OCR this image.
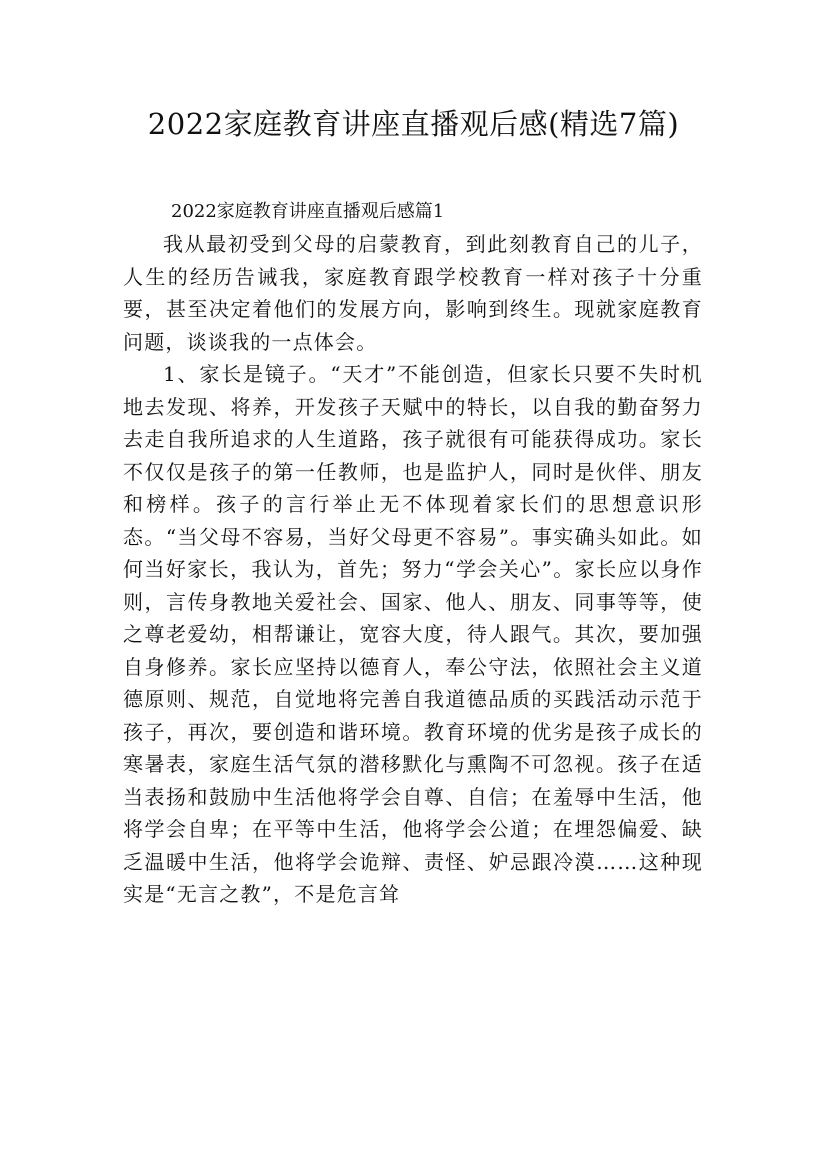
2022家庭教育讲座直播观后感(精选7篇)

2022家庭教育讲座直播观后感篇1

我从最初受到父母的启蒙教育，到此刻教育自己的儿子，人生的经历告诫我，家庭教育跟学校教育一样对孩子十分重要，甚至决定着他们的发展方向，影响到终生。现就家庭教育问题，谈谈我的一点体会。

1、家长是镜子。“天才”不能创造，但家长只要不失时机地去发现、将养，开发孩子天赋中的特长，以自我的勤奋努力去走自我所追求的人生道路，孩子就很有可能获得成功。家长不仅仅是孩子的第一任教师，也是监护人，同时是伙伴、朋友和榜样。孩子的言行举止无不体现着家长们的思想意识形态。“当父母不容易，当好父母更不容易”。事实确头如此。如何当好家长，我认为，首先；努力“学会关心”。家长应以身作则，言传身教地关爱社会、国家、他人、朋友、同事等等，使之尊老爱幼，相帮谦让，宽容大度，待人跟气。其次，要加强自身修养。家长应坚持以德育人，奉公守法，依照社会主义道德原则、规范，自觉地将完善自我道德品质的买践活动示范于孩子，再次，要创造和谐环境。教育环境的优劣是孩子成长的寒暑表，家庭生活气氛的潜移默化与熏陶不可忽视。孩子在适当表扬和鼓励中生活他将学会自尊、自信；在羞辱中生活，他将学会自卑；在平等中生活，他将学会公道；在埋怨偏爱、缺乏温暖中生活，他将学会诡辩、责怪、妒忌跟冷漠……这种现实是“无言之教”，不是危言耸
